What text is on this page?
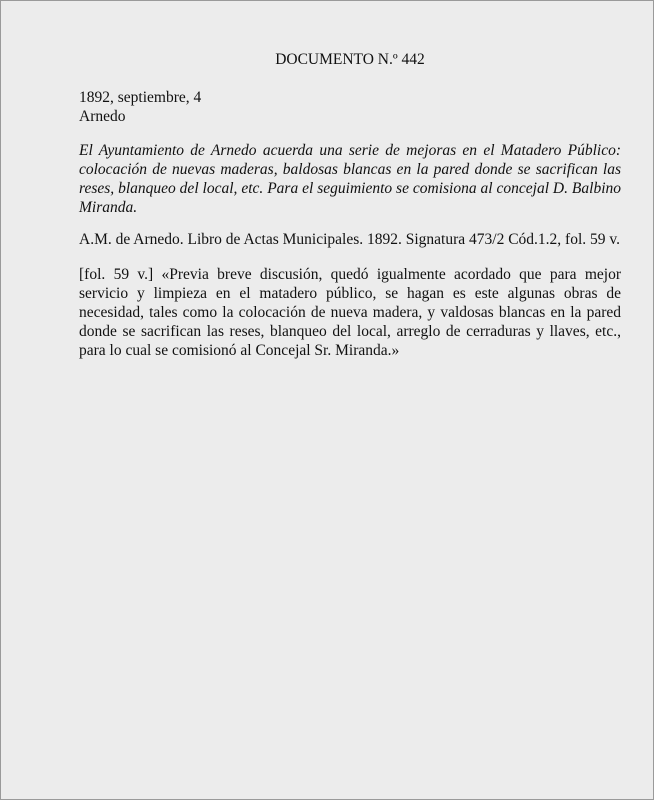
DOCUMENTO N.º 442
1892, septiembre, 4
Arnedo
El Ayuntamiento de Arnedo acuerda una serie de mejoras en el Matadero Público: colocación de nuevas maderas, baldosas blancas en la pared donde se sacrifican las reses, blanqueo del local, etc. Para el seguimiento se comisiona al concejal D. Balbino Miranda.
A.M. de Arnedo. Libro de Actas Municipales. 1892. Signatura 473/2 Cód.1.2, fol. 59 v.
[fol. 59 v.] «Previa breve discusión, quedó igualmente acordado que para mejor servicio y limpieza en el matadero público, se hagan es este algunas obras de necesidad, tales como la colocación de nueva madera, y valdosas blancas en la pared donde se sacrifican las reses, blanqueo del local, arreglo de cerraduras y llaves, etc., para lo cual se comisionó al Concejal Sr. Miranda.»
